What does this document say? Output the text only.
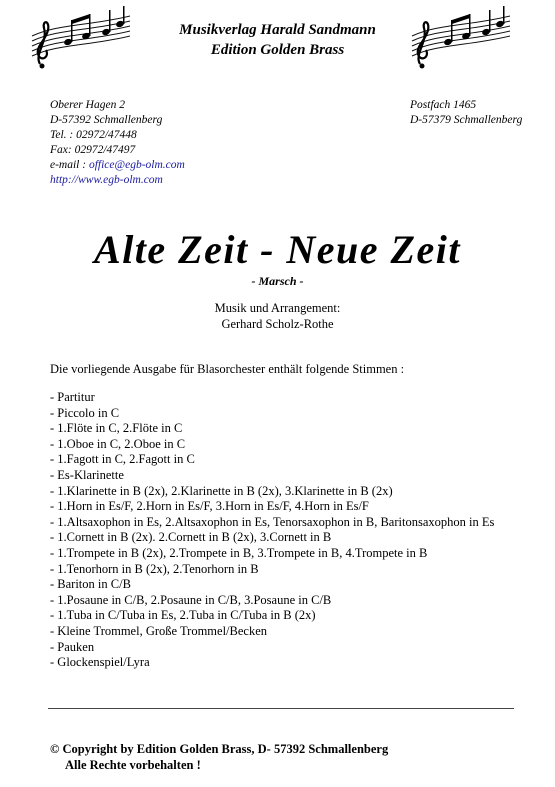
Musikverlag Harald Sandmann
Edition Golden Brass
Oberer Hagen 2
D-57392 Schmallenberg
Tel. : 02972/47448
Fax: 02972/47497
e-mail : office@egb-olm.com
http://www.egb-olm.com
Postfach 1465
D-57379 Schmallenberg
Alte Zeit - Neue Zeit
- Marsch -
Musik und Arrangement:
Gerhard Scholz-Rothe
Die vorliegende Ausgabe für Blasorchester enthält folgende Stimmen :
- Partitur
- Piccolo in C
- 1.Flöte in C, 2.Flöte in C
- 1.Oboe in C, 2.Oboe in C
- 1.Fagott in C, 2.Fagott in C
- Es-Klarinette
- 1.Klarinette in B (2x), 2.Klarinette in B (2x), 3.Klarinette in B (2x)
- 1.Horn in Es/F, 2.Horn in Es/F, 3.Horn in Es/F, 4.Horn in Es/F
- 1.Altsaxophon in Es, 2.Altsaxophon in Es, Tenorsaxophon in B, Baritonsaxophon in Es
- 1.Cornett in B (2x). 2.Cornett in B (2x), 3.Cornett in B
- 1.Trompete in B (2x), 2.Trompete in B, 3.Trompete in B, 4.Trompete in B
- 1.Tenorhorn in B (2x), 2.Tenorhorn in B
- Bariton in C/B
- 1.Posaune in C/B, 2.Posaune in C/B, 3.Posaune in C/B
- 1.Tuba in C/Tuba in Es, 2.Tuba in C/Tuba in B (2x)
- Kleine Trommel, Große Trommel/Becken
- Pauken
- Glockenspiel/Lyra
© Copyright by Edition Golden Brass, D- 57392 Schmallenberg
Alle Rechte vorbehalten !
